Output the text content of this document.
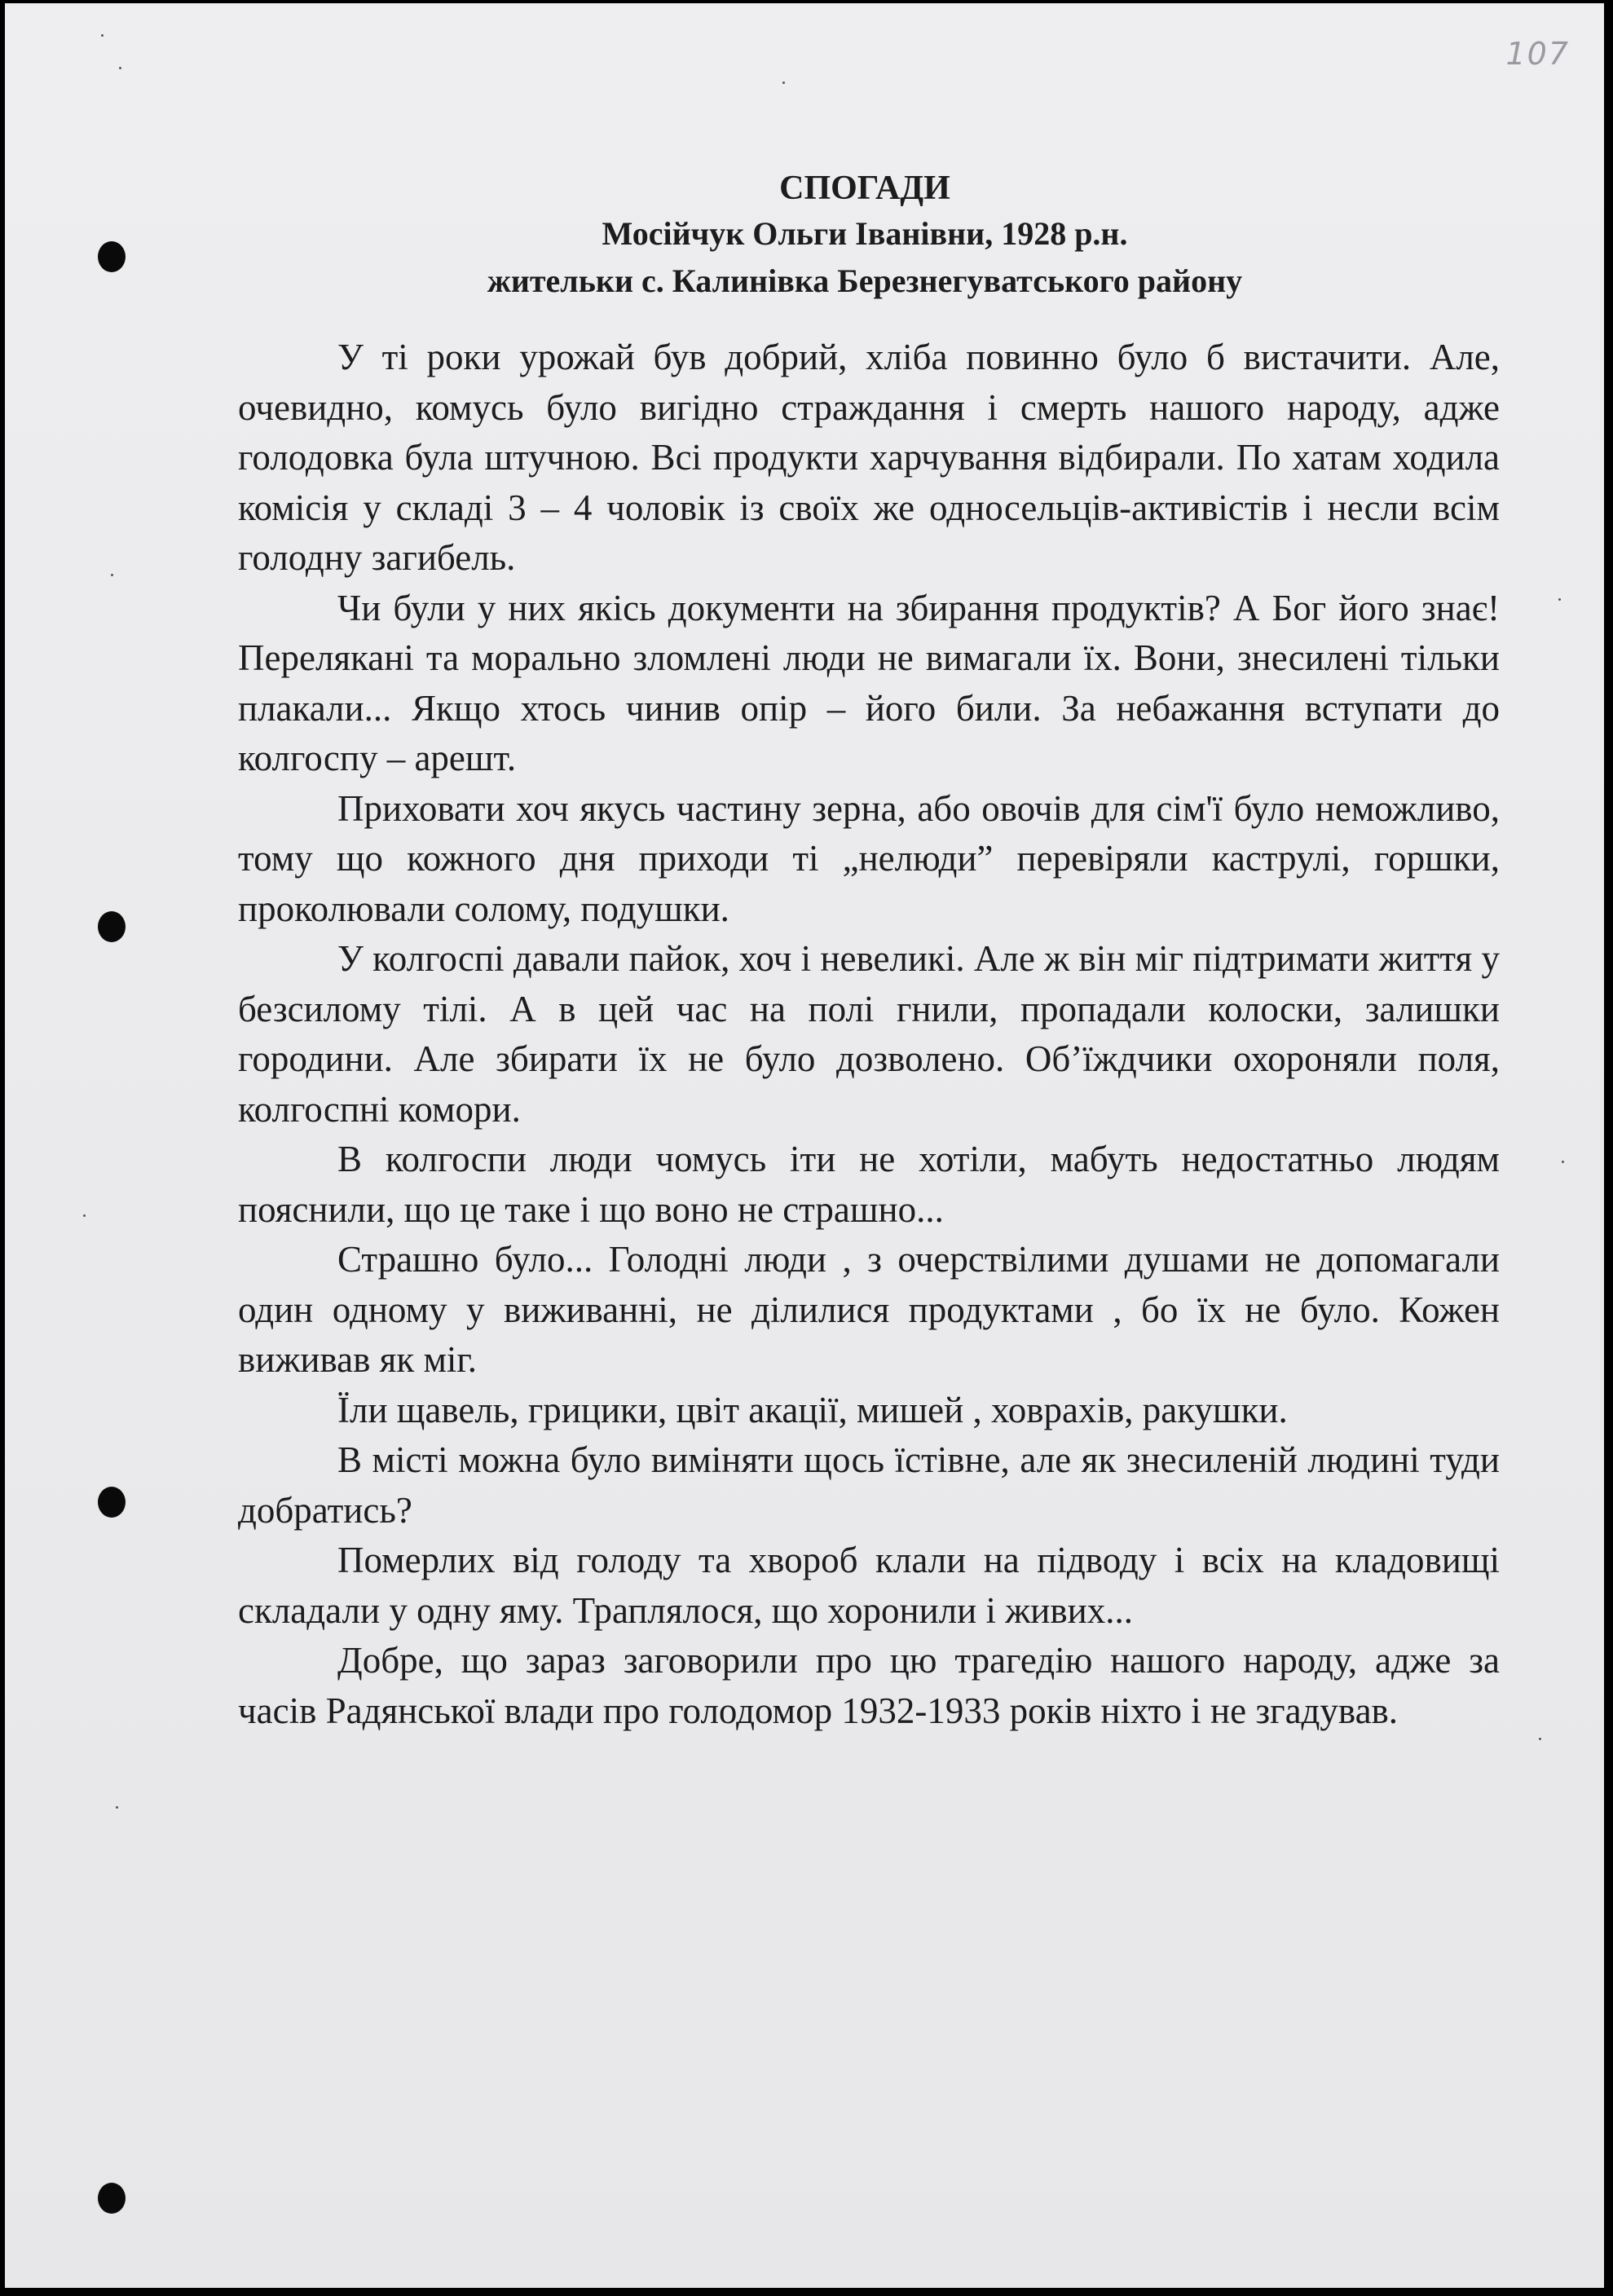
107
СПОГАДИ
Мосійчук Ольги Іванівни, 1928 р.н.
жительки с. Калинівка Березнегуватського району

У ті роки урожай був добрий, хліба повинно було б вистачити. Але, очевидно, комусь було вигідно страждання і смерть нашого народу, адже голодовка була штучною. Всі продукти харчування відбирали. По хатам ходила комісія у складі 3 – 4 чоловік із своїх же односельців-активістів і несли всім голодну загибель.

Чи були у них якісь документи на збирання продуктів? А Бог його знає! Перелякані та морально зломлені люди не вимагали їх. Вони, знесилені тільки плакали... Якщо хтось чинив опір – його били. За небажання вступати до колгоспу – арешт.

Приховати хоч якусь частину зерна, або овочів для сім'ї було неможливо, тому що кожного дня приходи ті „нелюди” перевіряли каструлі, горшки, проколювали солому, подушки.

У колгоспі давали пайок, хоч і невеликі. Але ж він міг підтримати життя у безсилому тілі. А в цей час на полі гнили, пропадали колоски, залишки городини. Але збирати їх не було дозволено. Об’їждчики охороняли поля, колгоспні комори.

В колгоспи люди чомусь іти не хотіли, мабуть недостатньо людям пояснили, що це таке і що воно не страшно...

Страшно було... Голодні люди , з очерствілими душами не допомагали один одному у виживанні, не ділилися продуктами , бо їх не було. Кожен виживав як міг.

Їли щавель, грицики, цвіт акації, мишей , ховрахів, ракушки.

В місті можна було виміняти щось їстівне, але як знесиленій людині туди добратись?

Померлих від голоду та хвороб клали на підводу і всіх на кладовищі складали у одну яму. Траплялося, що хоронили і живих...

Добре, що зараз заговорили про цю трагедію нашого народу, адже за часів Радянської влади про голодомор 1932-1933 років ніхто і не згадував.
